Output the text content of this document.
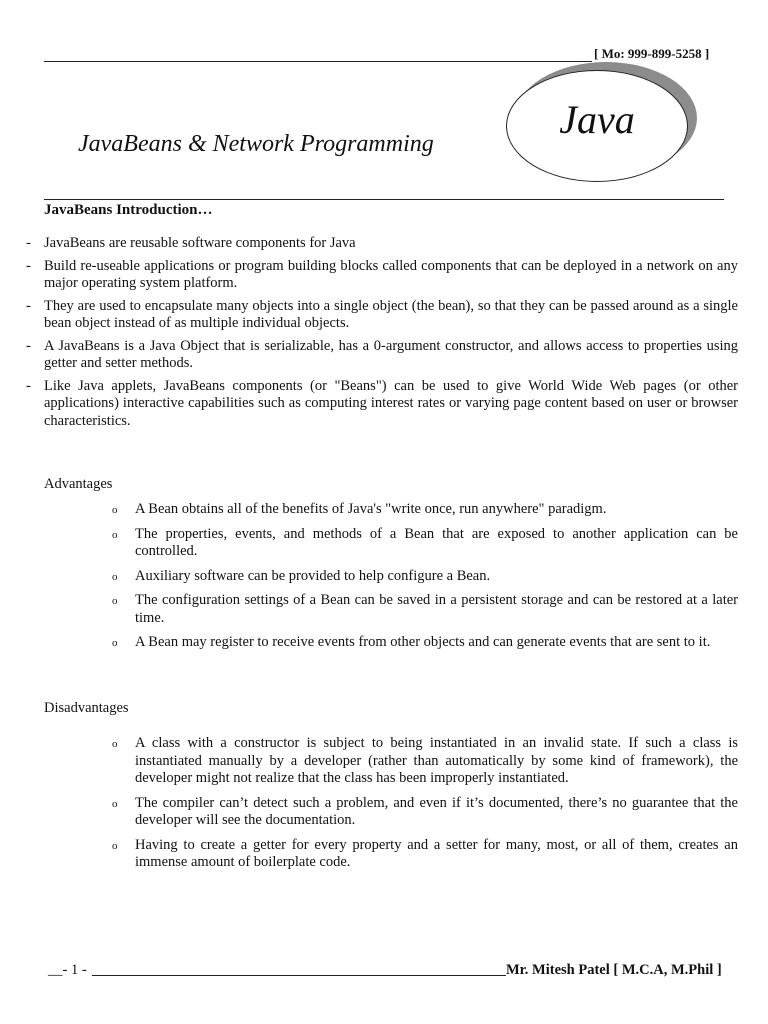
[ Mo: 999-899-5258 ]
Java
JavaBeans & Network Programming
JavaBeans Introduction…
- JavaBeans are reusable software components for Java
- Build re-useable applications or program building blocks called components that can be deployed in a network on any major operating system platform.
- They are used to encapsulate many objects into a single object (the bean), so that they can be passed around as a single bean object instead of as multiple individual objects.
- A JavaBeans is a Java Object that is serializable, has a 0-argument constructor, and allows access to properties using getter and setter methods.
- Like Java applets, JavaBeans components (or "Beans") can be used to give World Wide Web pages (or other applications) interactive capabilities such as computing interest rates or varying page content based on user or browser characteristics.
Advantages
o A Bean obtains all of the benefits of Java's "write once, run anywhere" paradigm.
o The properties, events, and methods of a Bean that are exposed to another application can be controlled.
o Auxiliary software can be provided to help configure a Bean.
o The configuration settings of a Bean can be saved in a persistent storage and can be restored at a later time.
o A Bean may register to receive events from other objects and can generate events that are sent to it.
Disadvantages
o A class with a constructor is subject to being instantiated in an invalid state. If such a class is instantiated manually by a developer (rather than automatically by some kind of framework), the developer might not realize that the class has been improperly instantiated.
o The compiler can’t detect such a problem, and even if it’s documented, there’s no guarantee that the developer will see the documentation.
o Having to create a getter for every property and a setter for many, most, or all of them, creates an immense amount of boilerplate code.
__- 1 -	Mr. Mitesh Patel [ M.C.A, M.Phil ]
